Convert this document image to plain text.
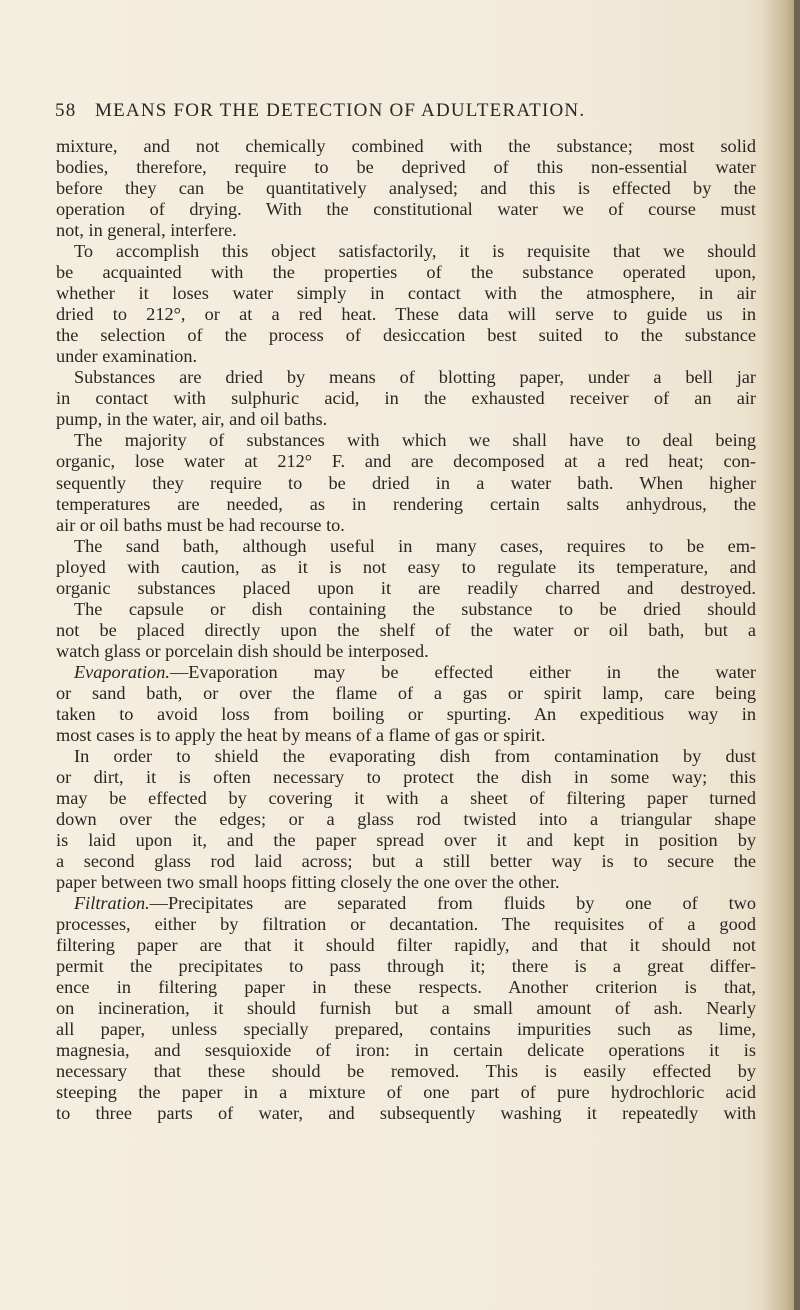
58 MEANS FOR THE DETECTION OF ADULTERATION.
mixture, and not chemically combined with the substance; most solid
bodies, therefore, require to be deprived of this non-essential water
before they can be quantitatively analysed; and this is effected by the
operation of drying. With the constitutional water we of course must
not, in general, interfere.
To accomplish this object satisfactorily, it is requisite that we should
be acquainted with the properties of the substance operated upon,
whether it loses water simply in contact with the atmosphere, in air
dried to 212°, or at a red heat. These data will serve to guide us in
the selection of the process of desiccation best suited to the substance
under examination.
Substances are dried by means of blotting paper, under a bell jar
in contact with sulphuric acid, in the exhausted receiver of an air
pump, in the water, air, and oil baths.
The majority of substances with which we shall have to deal being
organic, lose water at 212° F. and are decomposed at a red heat; con-
sequently they require to be dried in a water bath. When higher
temperatures are needed, as in rendering certain salts anhydrous, the
air or oil baths must be had recourse to.
The sand bath, although useful in many cases, requires to be em-
ployed with caution, as it is not easy to regulate its temperature, and
organic substances placed upon it are readily charred and destroyed.
The capsule or dish containing the substance to be dried should
not be placed directly upon the shelf of the water or oil bath, but a
watch glass or porcelain dish should be interposed.
Evaporation.—Evaporation may be effected either in the water
or sand bath, or over the flame of a gas or spirit lamp, care being
taken to avoid loss from boiling or spurting. An expeditious way in
most cases is to apply the heat by means of a flame of gas or spirit.
In order to shield the evaporating dish from contamination by dust
or dirt, it is often necessary to protect the dish in some way; this
may be effected by covering it with a sheet of filtering paper turned
down over the edges; or a glass rod twisted into a triangular shape
is laid upon it, and the paper spread over it and kept in position by
a second glass rod laid across; but a still better way is to secure the
paper between two small hoops fitting closely the one over the other.
Filtration.—Precipitates are separated from fluids by one of two
processes, either by filtration or decantation. The requisites of a good
filtering paper are that it should filter rapidly, and that it should not
permit the precipitates to pass through it; there is a great differ-
ence in filtering paper in these respects. Another criterion is that,
on incineration, it should furnish but a small amount of ash. Nearly
all paper, unless specially prepared, contains impurities such as lime,
magnesia, and sesquioxide of iron: in certain delicate operations it is
necessary that these should be removed. This is easily effected by
steeping the paper in a mixture of one part of pure hydrochloric acid
to three parts of water, and subsequently washing it repeatedly with
